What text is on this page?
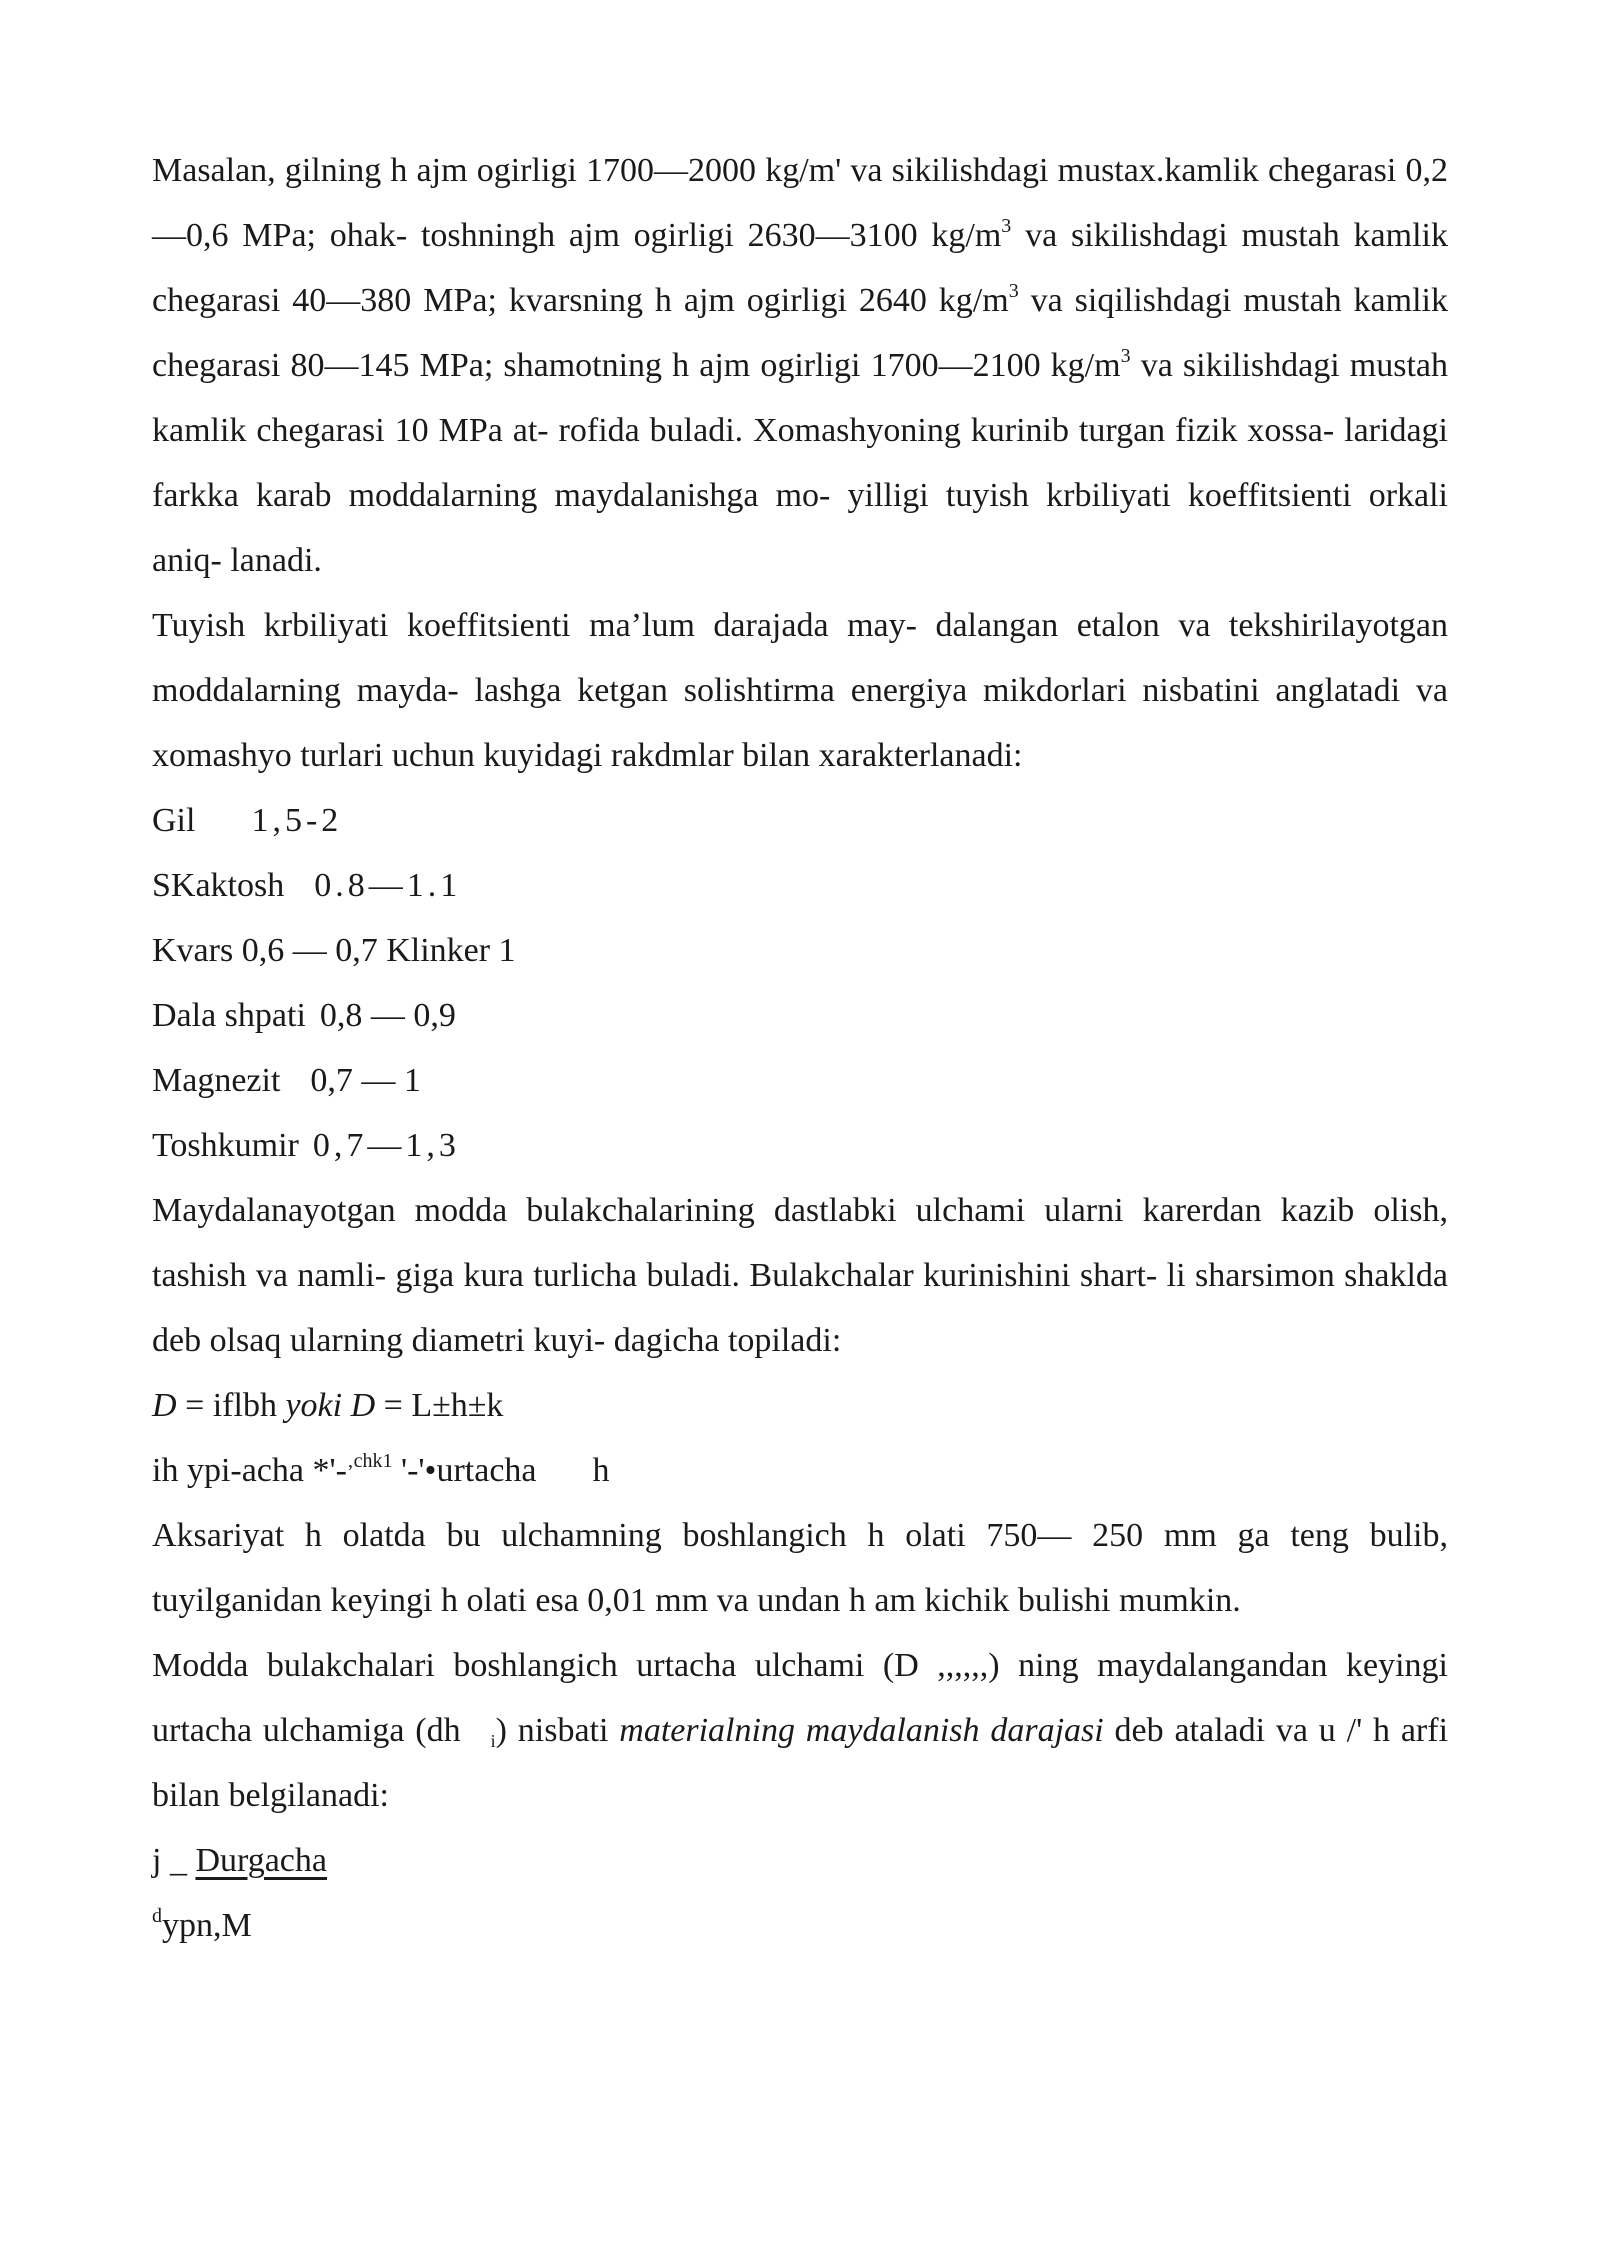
Masalan, gilning h ajm ogirligi 1700—2000 kg/m' va sikilishdagi mustax.kamlik chegarasi 0,2—0,6 MPa; ohak- toshningh ajm ogirligi 2630—3100 $kg/m^3$ va sikilishdagi mustah kamlik chegarasi 40—380 MPa; kvarsning h ajm ogirligi 2640 $kg/m^3$ va siqilishdagi mustah kamlik chegarasi 80—145 MPa; shamotning h ajm ogirligi 1700—2100 $kg/m^3$ va sikilishdagi mustah kamlik chegarasi 10 MPa at- rofida buladi. Xomashyoning kurinib turgan fizik xossa- laridagi farkka karab moddalarning maydalanishga mo- yilligi tuyish krbiliyati koeffitsienti orkali aniq- lanadi.

Tuyish krbiliyati koeffitsienti ma’lum darajada may- dalangan etalon va tekshirilayotgan moddalarning mayda- lashga ketgan solishtirma energiya mikdorlari nisbatini anglatadi va xomashyo turlari uchun kuyidagi rakdmlar bilan xarakterlanadi:

Gil 1,5-2
SKaktosh 0.8—1.1
Kvars 0,6 — 0,7 Klinker 1
Dala shpati 0,8 — 0,9
Magnezit 0,7 — 1
Toshkumir 0,7—1,3

Maydalanayotgan modda bulakchalarining dastlabki ulchami ularni karerdan kazib olish, tashish va namli- giga kura turlicha buladi. Bulakchalar kurinishini shart- li sharsimon shaklda deb olsaq ularning diametri kuyi- dagicha topiladi:

D = iflbh yoki D = L±h±k
ih ypi-acha *'-$^{‚chk1}$ '-'•urtacha h

Aksariyat h olatda bu ulchamning boshlangich h olati 750— 250 mm ga teng bulib, tuyilganidan keyingi h olati esa 0,01 mm va undan h am kichik bulishi mumkin.

Modda bulakchalari boshlangich urtacha ulchami (D ,,,,,,) ning maydalangandan keyingi urtacha ulchamiga (dh $_i$) nisbati materialning maydalanish darajasi deb ataladi va u /' h arfi bilan belgilanadi:

j _ Durgacha
$^d$ypn,M
